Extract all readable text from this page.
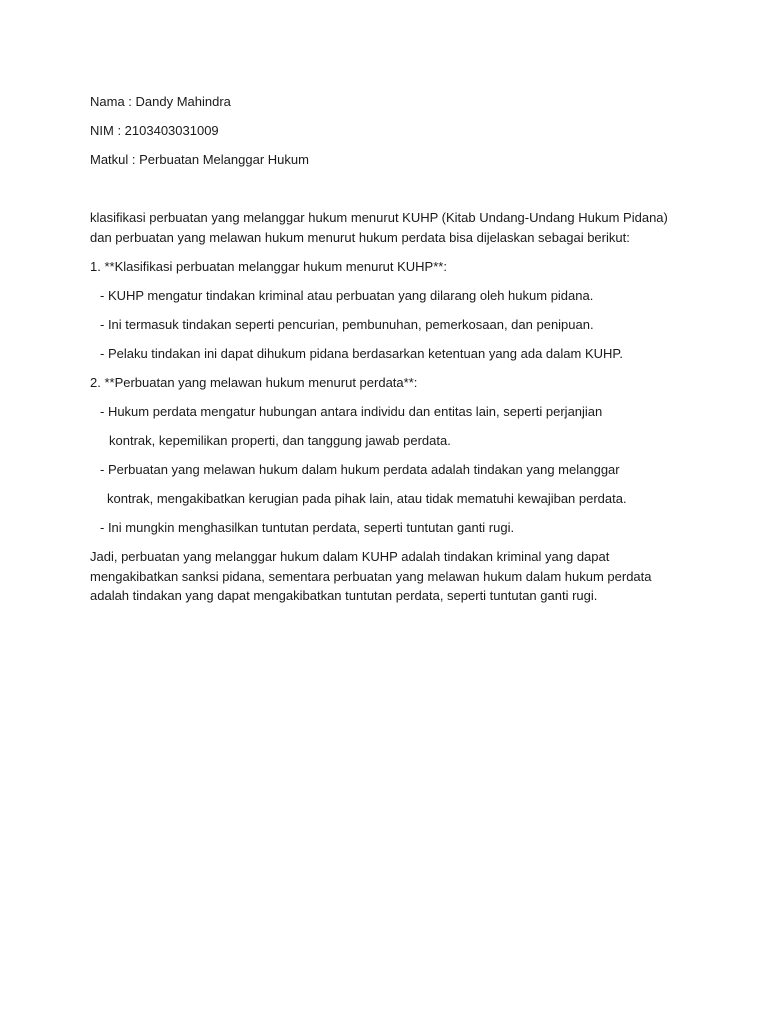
Nama : Dandy Mahindra
NIM : 2103403031009
Matkul : Perbuatan Melanggar Hukum
klasifikasi perbuatan yang melanggar hukum menurut KUHP (Kitab Undang-Undang Hukum Pidana) dan perbuatan yang melawan hukum menurut hukum perdata bisa dijelaskan sebagai berikut:
1. **Klasifikasi perbuatan melanggar hukum menurut KUHP**:
- KUHP mengatur tindakan kriminal atau perbuatan yang dilarang oleh hukum pidana.
- Ini termasuk tindakan seperti pencurian, pembunuhan, pemerkosaan, dan penipuan.
- Pelaku tindakan ini dapat dihukum pidana berdasarkan ketentuan yang ada dalam KUHP.
2. **Perbuatan yang melawan hukum menurut perdata**:
- Hukum perdata mengatur hubungan antara individu dan entitas lain, seperti perjanjian
kontrak, kepemilikan properti, dan tanggung jawab perdata.
- Perbuatan yang melawan hukum dalam hukum perdata adalah tindakan yang melanggar
kontrak, mengakibatkan kerugian pada pihak lain, atau tidak mematuhi kewajiban perdata.
- Ini mungkin menghasilkan tuntutan perdata, seperti tuntutan ganti rugi.
Jadi, perbuatan yang melanggar hukum dalam KUHP adalah tindakan kriminal yang dapat mengakibatkan sanksi pidana, sementara perbuatan yang melawan hukum dalam hukum perdata adalah tindakan yang dapat mengakibatkan tuntutan perdata, seperti tuntutan ganti rugi.
